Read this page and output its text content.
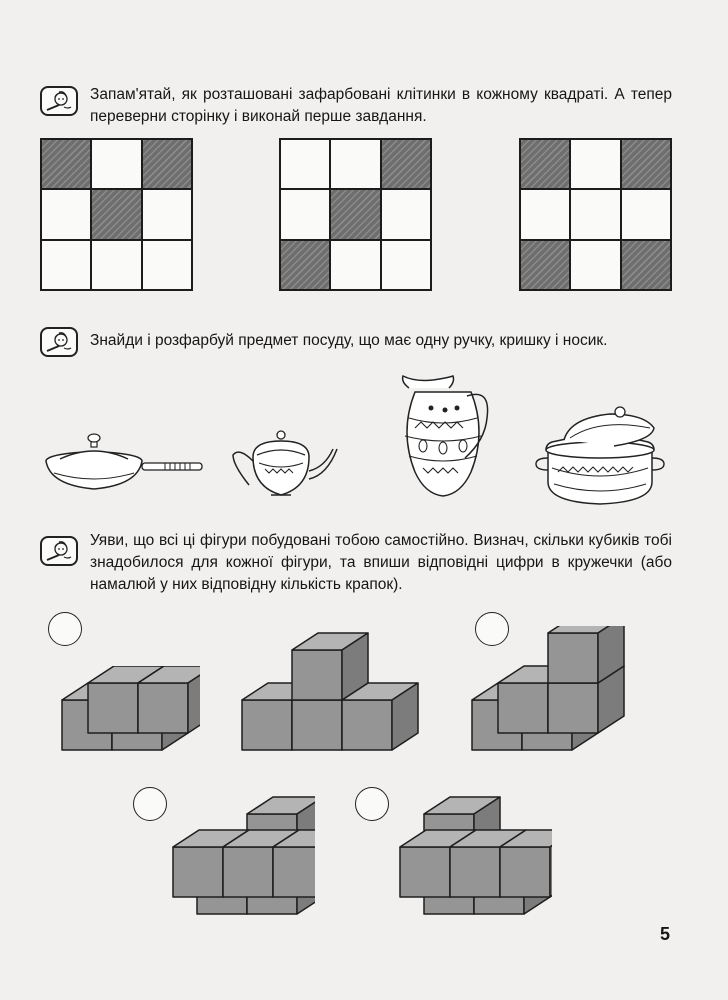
Запам'ятай, як розташовані зафарбовані клітинки в кожному квадраті. А тепер переверни сторінку і виконай перше завдання.

Знайди і розфарбуй предмет посуду, що має одну ручку, кришку і носик.

Уяви, що всі ці фігури побудовані тобою самостійно. Визнач, скільки кубиків тобі знадобилося для кожної фігури, та впиши відповідні цифри в кружечки (або намалюй у них відповідну кількість крапок).

5
